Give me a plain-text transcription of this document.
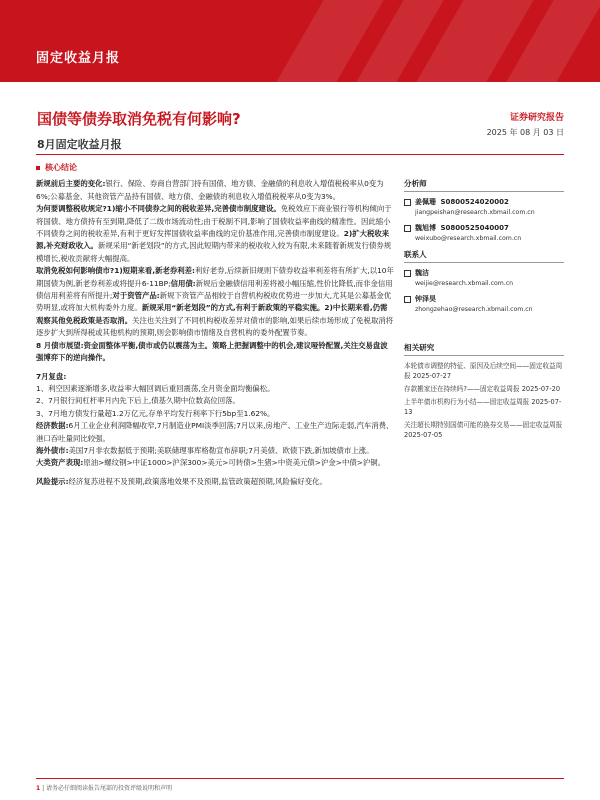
固定收益月报
国债等债券取消免税有何影响?
8月固定收益月报
证券研究报告
2025 年 08 月 03 日
核心结论

新规前后主要的变化:银行、保险、券商自营部门持有国债、地方债、金融债的利息收入增值税税率从0变为6%;公募基金、其他资管产品持有国债、地方债、金融债的利息收入增值税税率从0变为3%。

为何要调整税收规定?1)缩小不同债券之间的税收差异,完善债市制度建设。免税效应下商业银行等机构倾向于将国债、地方债持有至到期,降低了二级市场流动性;由于税制不同,影响了国债收益率曲线的精准性。因此缩小不同债券之间的税收差异,有利于更好发挥国债收益率曲线的定价基准作用,完善债市制度建设。2)扩大税收来源,补充财政收入。新规采用“新老划段”的方式,因此短期内带来的税收收入较为有限,未来随着新规发行债券规模增长,税收贡献将大幅提高。

取消免税如何影响债市?1)短期来看,新老券利差:利好老券,后续新旧规则下债券收益率利差将有所扩大,以10年期国债为例,新老券利差或将提升6-11BP;信用债:新规后金融债信用利差将被小幅压缩,性价比降低,而非金信用债信用利差将有所提升;对于资管产品:新规下资管产品相较于自营机构税收优势进一步加大,尤其是公募基金优势明显,或将加大机构委外力度。新规采用“新老划段”的方式,有利于新政策的平稳实施。2)中长期来看,仍需观察其他免税政策是否取消。关注也关注到了不同机构税收差异对债市的影响,如果后续市场形成了免税取消将逐步扩大到所得税或其他机构的预期,则会影响债市情绪及自营机构的委外配置节奏。

8 月债市展望:资金面整体平衡,债市或仍以震荡为主。策略上把握调整中的机会,建议哑铃配置,关注交易盘波强博弈下的逆向操作。

7月复盘:

1、利空因素逐渐增多,收益率大幅回调后重回震荡,全月资金面均衡偏松。

2、7月银行间杠杆率月内先下后上,债基久期中位数高位回落。

3、7月地方债发行量超1.2万亿元,存单平均发行利率下行5bp至1.62%。

经济数据:6月工业企业利润降幅收窄,7月制造业PMI淡季回落;7月以来,房地产、工业生产边际走弱,汽车消费、港口吞吐量同比较强。

海外债市:美国7月非农数据低于预期;美联储理事库格勒宣布辞职;7月美债、欧债下跌,新加坡债市上涨。

大类资产表现:原油>螺纹钢>中证1000>沪深300>美元>可转债>生猪>中资美元债>沪金>中债>沪铜。

风险提示:经济复苏进程不及预期,政策落地效果不及预期,监管政策超预期,风险偏好变化。

分析师
姜佩珊 S0800524020002
jiangpeishan@research.xbmail.com.cn
魏旭博 S0800525040007
weixubo@research.xbmail.com.cn
联系人
魏洁
weijie@research.xbmail.com.cn
钟泽昊
zhongzehao@research.xbmail.com.cn
相关研究
本轮债市调整的特征、原因及后续空间——固定收益周报 2025-07-27
存款搬家还在持续吗?——固定收益周报 2025-07-20
上半年债市机构行为小结——固定收益周报 2025-07-13
关注超长期特别国债可能的换券交易——固定收益周报 2025-07-05
1 | 请务必仔细阅读报告尾部的投资评级说明和声明
